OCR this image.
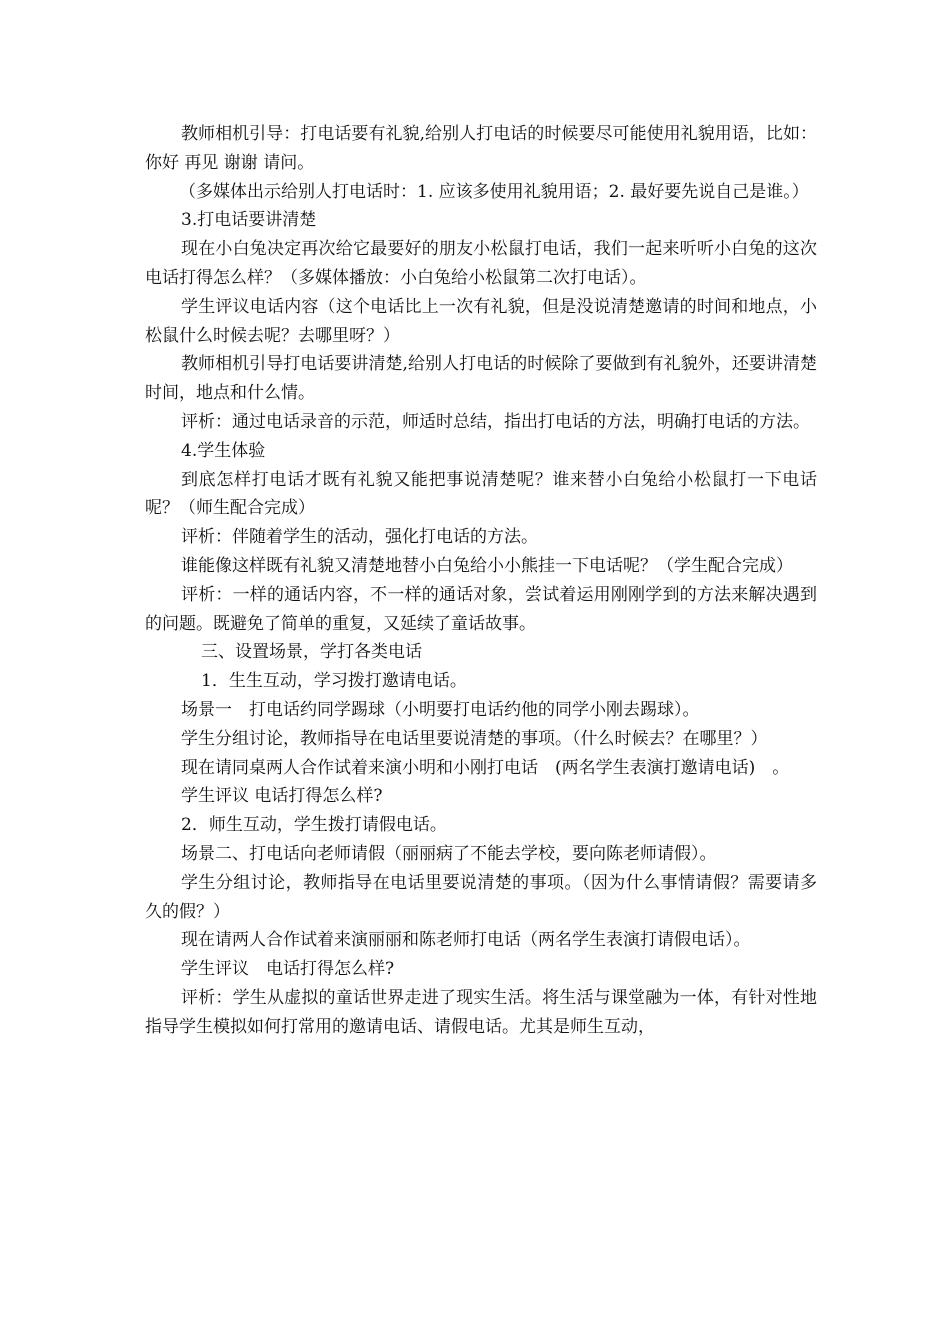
教师相机引导：打电话要有礼貌,给别人打电话的时候要尽可能使用礼貌用语，比如：你好 再见 谢谢 请问。

（多媒体出示给别人打电话时：1. 应该多使用礼貌用语；2. 最好要先说自己是谁。）

3.打电话要讲清楚

现在小白兔决定再次给它最要好的朋友小松鼠打电话，我们一起来听听小白兔的这次电话打得怎么样？（多媒体播放：小白兔给小松鼠第二次打电话）。

学生评议电话内容（这个电话比上一次有礼貌，但是没说清楚邀请的时间和地点，小松鼠什么时候去呢？去哪里呀？）

教师相机引导打电话要讲清楚,给别人打电话的时候除了要做到有礼貌外，还要讲清楚时间，地点和什么情。

评析：通过电话录音的示范，师适时总结，指出打电话的方法，明确打电话的方法。

4.学生体验

到底怎样打电话才既有礼貌又能把事说清楚呢？谁来替小白兔给小松鼠打一下电话呢？（师生配合完成）

评析：伴随着学生的活动，强化打电话的方法。

谁能像这样既有礼貌又清楚地替小白兔给小小熊挂一下电话呢？（学生配合完成）

评析：一样的通话内容，不一样的通话对象，尝试着运用刚刚学到的方法来解决遇到的问题。既避免了简单的重复，又延续了童话故事。

三、设置场景，学打各类电话

1．生生互动，学习拨打邀请电话。

场景一　打电话约同学踢球（小明要打电话约他的同学小刚去踢球）。

学生分组讨论，教师指导在电话里要说清楚的事项。（什么时候去？在哪里？）

现在请同桌两人合作试着来演小明和小刚打电话　(两名学生表演打邀请电话)　。

学生评议 电话打得怎么样?

2．师生互动，学生拨打请假电话。

场景二、打电话向老师请假（丽丽病了不能去学校，要向陈老师请假）。

学生分组讨论，教师指导在电话里要说清楚的事项。（因为什么事情请假？需要请多久的假？）

现在请两人合作试着来演丽丽和陈老师打电话（两名学生表演打请假电话）。

学生评议　电话打得怎么样?

评析：学生从虚拟的童话世界走进了现实生活。将生活与课堂融为一体，有针对性地指导学生模拟如何打常用的邀请电话、请假电话。尤其是师生互动，
